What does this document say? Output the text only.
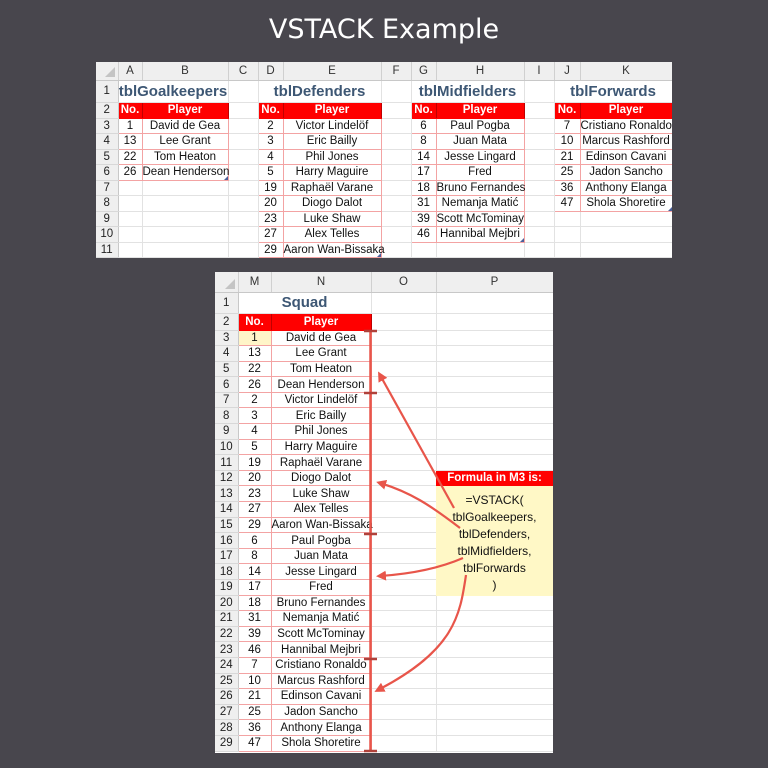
VSTACK Example
	A	B	C	D	E	F	G	H	I	J	K
1	tblGoalkeepers			tblDefenders			tblMidfielders			tblForwards	
2	No.	Player		No.	Player		No.	Player		No.	Player
3	1	David de Gea		2	Victor Lindelöf		6	Paul Pogba		7	Cristiano Ronaldo
4	13	Lee Grant		3	Eric Bailly		8	Juan Mata		10	Marcus Rashford
5	22	Tom Heaton		4	Phil Jones		14	Jesse Lingard		21	Edinson Cavani
6	26	Dean Henderson		5	Harry Maguire		17	Fred		25	Jadon Sancho
7				19	Raphaël Varane		18	Bruno Fernandes		36	Anthony Elanga
8				20	Diogo Dalot		31	Nemanja Matić		47	Shola Shoretire

9				23	Luke Shaw		39	Scott McTominay			
10				27	Alex Telles		46	Hannibal Mejbri

11				29	Aaron Wan-Bissaka

	M	N	O	P
1	Squad			
2	No.	Player		
3	1	David de Gea		
4	13	Lee Grant		
5	22	Tom Heaton		
6	26	Dean Henderson		
7	2	Victor Lindelöf		
8	3	Eric Bailly		
9	4	Phil Jones		
10	5	Harry Maguire		
11	19	Raphaël Varane		
12	20	Diogo Dalot		
13	23	Luke Shaw		
14	27	Alex Telles		
15	29	Aaron Wan-Bissaka		
16	6	Paul Pogba		
17	8	Juan Mata		
18	14	Jesse Lingard		
19	17	Fred		
20	18	Bruno Fernandes		
21	31	Nemanja Matić		
22	39	Scott McTominay		
23	46	Hannibal Mejbri		
24	7	Cristiano Ronaldo		
25	10	Marcus Rashford		
26	21	Edinson Cavani		
27	25	Jadon Sancho		
28	36	Anthony Elanga		
29	47	Shola Shoretire		
Formula in M3 is:
=VSTACK(
tblGoalkeepers,
tblDefenders,
tblMidfielders,
tblForwards
)
